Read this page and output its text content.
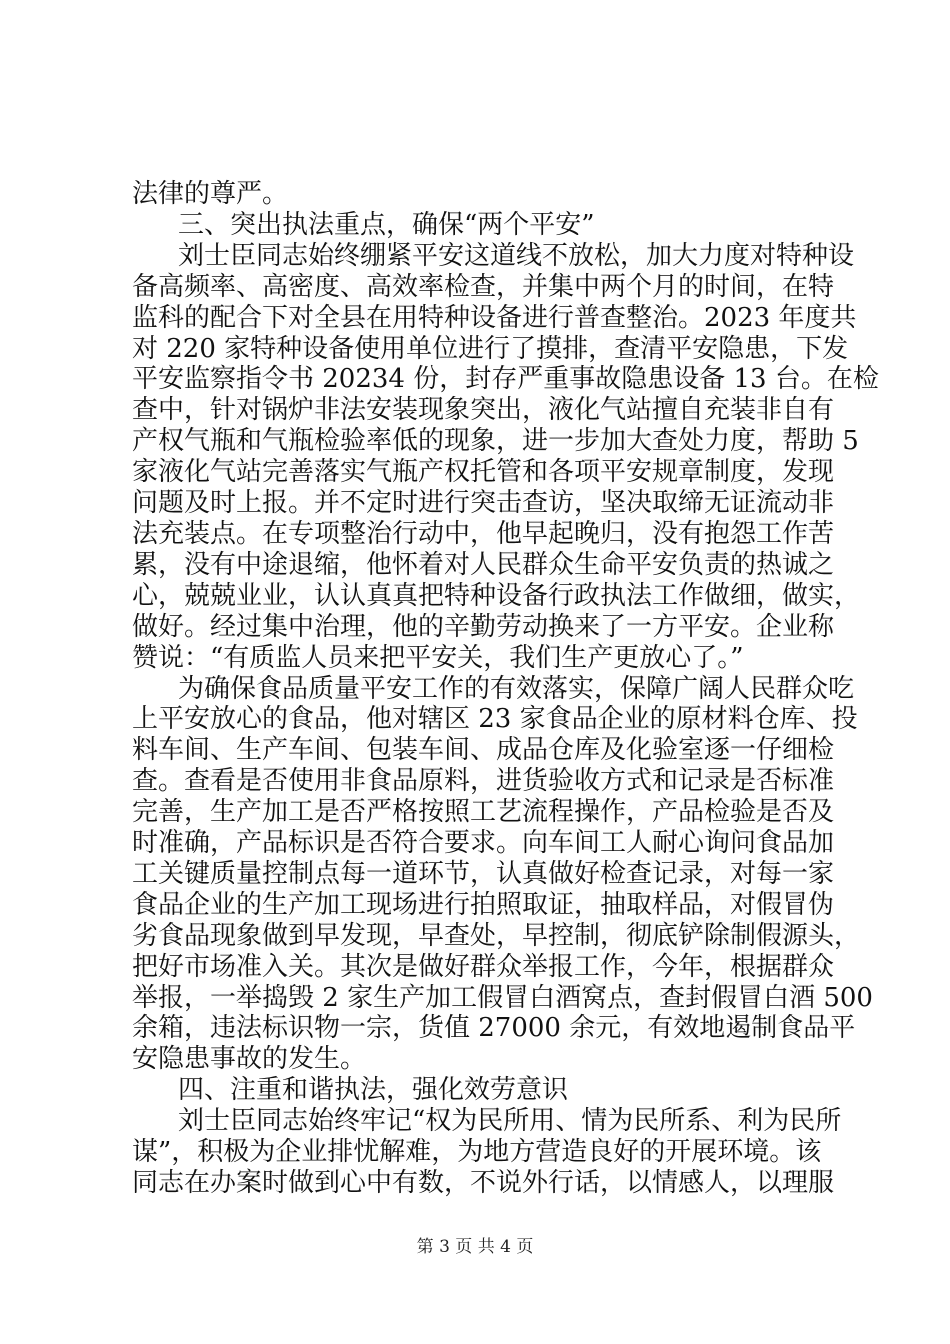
法律的尊严。
三、突出执法重点，确保“两个平安”
刘士臣同志始终绷紧平安这道线不放松，加大力度对特种设
备高频率、高密度、高效率检查，并集中两个月的时间，在特
监科的配合下对全县在用特种设备进行普查整治。2023 年度共
对 220 家特种设备使用单位进行了摸排，查清平安隐患，下发
平安监察指令书 20234 份，封存严重事故隐患设备 13 台。在检
查中，针对锅炉非法安装现象突出，液化气站擅自充装非自有
产权气瓶和气瓶检验率低的现象，进一步加大查处力度，帮助 5
家液化气站完善落实气瓶产权托管和各项平安规章制度，发现
问题及时上报。并不定时进行突击查访，坚决取缔无证流动非
法充装点。在专项整治行动中，他早起晚归，没有抱怨工作苦
累，没有中途退缩，他怀着对人民群众生命平安负责的热诚之
心，兢兢业业，认认真真把特种设备行政执法工作做细，做实，
做好。经过集中治理，他的辛勤劳动换来了一方平安。企业称
赞说：“有质监人员来把平安关，我们生产更放心了。”
为确保食品质量平安工作的有效落实，保障广阔人民群众吃
上平安放心的食品，他对辖区 23 家食品企业的原材料仓库、投
料车间、生产车间、包装车间、成品仓库及化验室逐一仔细检
查。查看是否使用非食品原料，进货验收方式和记录是否标准
完善，生产加工是否严格按照工艺流程操作，产品检验是否及
时准确，产品标识是否符合要求。向车间工人耐心询问食品加
工关键质量控制点每一道环节，认真做好检查记录，对每一家
食品企业的生产加工现场进行拍照取证，抽取样品，对假冒伪
劣食品现象做到早发现，早查处，早控制，彻底铲除制假源头，
把好市场准入关。其次是做好群众举报工作，今年，根据群众
举报，一举捣毁 2 家生产加工假冒白酒窝点，查封假冒白酒 500
余箱，违法标识物一宗，货值 27000 余元，有效地遏制食品平
安隐患事故的发生。
四、注重和谐执法，强化效劳意识
刘士臣同志始终牢记“权为民所用、情为民所系、利为民所
谋”，积极为企业排忧解难，为地方营造良好的开展环境。该
同志在办案时做到心中有数，不说外行话，以情感人，以理服
第 3 页 共 4 页
